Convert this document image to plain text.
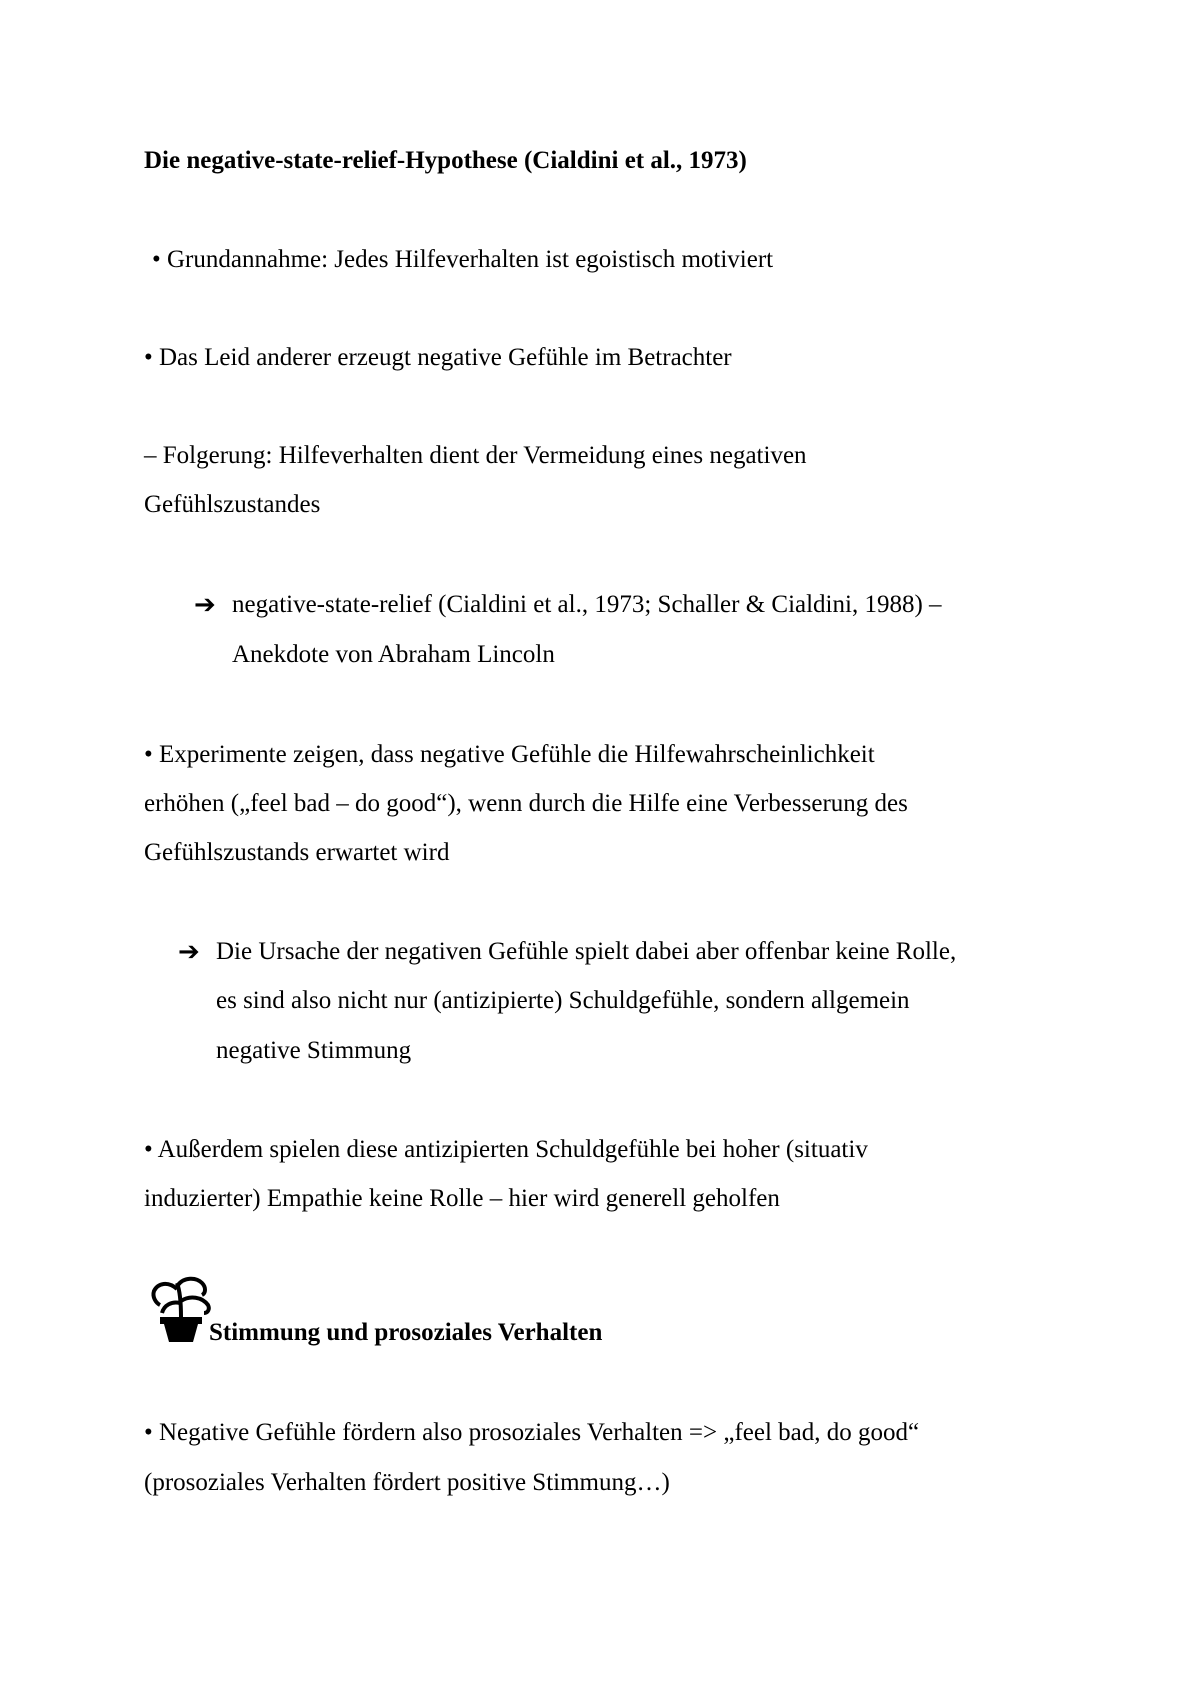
Die negative-state-relief-Hypothese (Cialdini et al., 1973)
• Grundannahme: Jedes Hilfeverhalten ist egoistisch motiviert
• Das Leid anderer erzeugt negative Gefühle im Betrachter
– Folgerung: Hilfeverhalten dient der Vermeidung eines negativen
Gefühlszustandes
➔ negative-state-relief (Cialdini et al., 1973; Schaller & Cialdini, 1988) –
Anekdote von Abraham Lincoln
• Experimente zeigen, dass negative Gefühle die Hilfewahrscheinlichkeit
erhöhen („feel bad – do good“), wenn durch die Hilfe eine Verbesserung des
Gefühlszustands erwartet wird
➔ Die Ursache der negativen Gefühle spielt dabei aber offenbar keine Rolle,
es sind also nicht nur (antizipierte) Schuldgefühle, sondern allgemein
negative Stimmung
• Außerdem spielen diese antizipierten Schuldgefühle bei hoher (situativ
induzierter) Empathie keine Rolle – hier wird generell geholfen
Stimmung und prosoziales Verhalten
• Negative Gefühle fördern also prosoziales Verhalten => „feel bad, do good“
(prosoziales Verhalten fördert positive Stimmung…)
